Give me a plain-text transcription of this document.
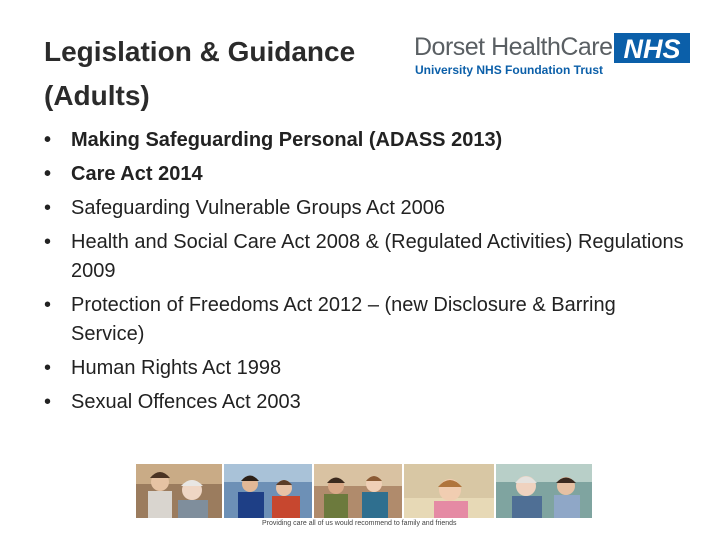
Legislation & Guidance
(Adults)
Dorset HealthCare
University NHS Foundation Trust
NHS
• Making Safeguarding Personal (ADASS 2013)
• Care Act 2014
• Safeguarding Vulnerable Groups Act 2006
• Health and Social Care Act 2008 & (Regulated Activities) Regulations 2009
• Protection of Freedoms Act 2012 – (new Disclosure & Barring Service)
• Human Rights Act 1998
• Sexual Offences Act 2003
Providing care all of us would recommend to family and friends
